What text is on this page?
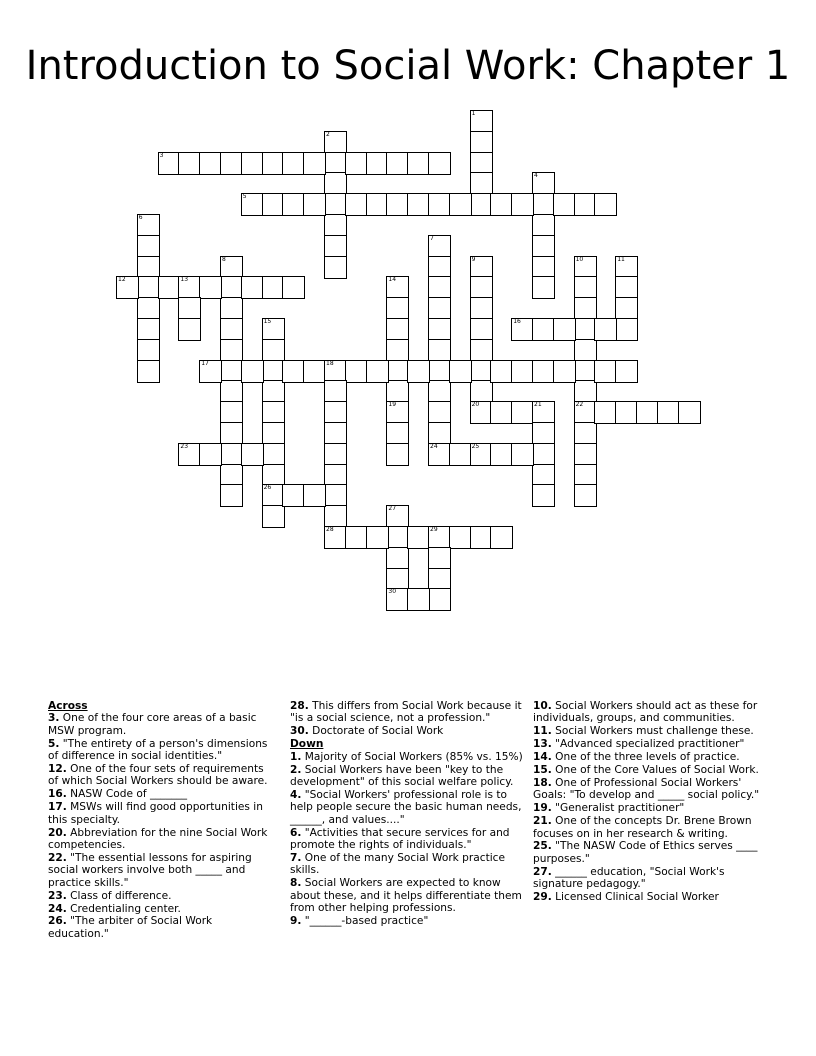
Introduction to Social Work: Chapter 1
1
2
3
4
5
6
7
24
8	9
20
10
22
11
12	13	14
19
15
26
16
17	18
21
23	25
27
30
28	29
Across
3. One of the four core areas of a basic MSW program.
5. "The entirety of a person's dimensions of difference in social identities."
12. One of the four sets of requirements of which Social Workers should be aware.
16. NASW Code of _______
17. MSWs will find good opportunities in this specialty.
20. Abbreviation for the nine Social Work competencies.
22. "The essential lessons for aspiring social workers involve both _____ and practice skills."
23. Class of difference.
24. Credentialing center.
26. "The arbiter of Social Work education."
28. This differs from Social Work because it "is a social science, not a profession."
30. Doctorate of Social Work
Down
1. Majority of Social Workers (85% vs. 15%)
2. Social Workers have been "key to the development" of this social welfare policy.
4. "Social Workers' professional role is to help people secure the basic human needs, ______, and values...."
6. "Activities that secure services for and promote the rights of individuals."
7. One of the many Social Work practice skills.
8. Social Workers are expected to know about these, and it helps differentiate them from other helping professions.
9. "______-based practice"
10. Social Workers should act as these for individuals, groups, and communities.
11. Social Workers must challenge these.
13. "Advanced specialized practitioner"
14. One of the three levels of practice.
15. One of the Core Values of Social Work.
18. One of Professional Social Workers' Goals: "To develop and _____ social policy."
19. "Generalist practitioner"
21. One of the concepts Dr. Brene Brown focuses on in her research & writing.
25. "The NASW Code of Ethics serves ____ purposes."
27. ______ education, "Social Work's signature pedagogy."
29. Licensed Clinical Social Worker
